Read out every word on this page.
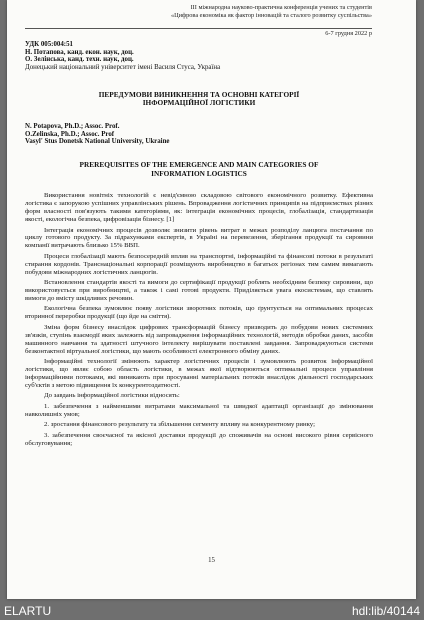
ІІІ міжнародна науково-практична конференція учених та студентів
«Цифрова економіка як фактор інновацій та сталого розвитку суспільства»
6-7 грудня 2022 р
УДК 005:004:51
Н. Потапова, канд. екон. наук, доц.
О. Зелінська, канд. техн. наук, доц.
Донецький національний університет імені Василя Стуса, Україна
ПЕРЕДУМОВИ ВИНИКНЕННЯ ТА ОСНОВНІ КАТЕГОРІЇ
ІНФОРМАЦІЙНОЇ ЛОГІСТИКИ
N. Potapova, Ph.D.; Assoc. Prof.
O.Zelinska, Ph.D.; Assoc. Prof
Vasyl' Stus Donetsk National University, Ukraine
PREREQUISITES OF THE EMERGENCE AND MAIN CATEGORIES OF
INFORMATION LOGISTICS
Використання новітніх технологій є невід'ємною складовою світового економічного розвитку. Ефективна логістика є запорукою успішних управлінських рішень. Впровадження логістичних принципів на підприємствах різних форм власності пов'язують такими категоріями, як: інтеграція економічних процесів, глобалізація, стандартизація якості, екологічна безпека, цифровізація бізнесу. [1]
Інтеграція економічних процесів дозволяє знизити рівень витрат в межах розподілу ланцюга постачання по циклу готового продукту. За підрахунками експертів, в Україні на перевезення, зберігання продукції та сировини компанії витрачають близько 15% ВВП.
Процеси глобалізації мають безпосередній вплив на транспортні, інформаційні та фінансові потоки в результаті стирання кордонів. Транснаціональні корпорації розміщують виробництво в багатьох регіонах тим самим вимагають побудови міжнародних логістичних ланцюгів.
Встановлення стандартів якості та вимоги до сертифікації продукції роблять необхідним безпеку сировини, що використовується при виробництві, а також і самі готові продукти. Приділяється увага екосистемам, що ставлять вимоги до вмісту шкідливих речовин.
Екологічна безпека зумовлює появу логістики зворотних потоків, що ґрунтується на оптимальних процесах вторинної переробки продукції (що йде на сміття).
Зміна форм бізнесу внаслідок цифрових трансформацій бізнесу призводить до побудови нових системних зв'язків, ступінь взаємодії яких залежить від запровадження інформаційних технологій, методів обробки даних, засобів машинного навчання та здатності штучного інтелекту вирішувати поставлені завдання. Запроваджуються системи безконтактної віртуальної логістики, що мають особливості електронного обміну даних.
Інформаційні технології змінюють характер логістичних процесів і зумовлюють розвиток інформаційної логістики, що являє собою область логістики, в межах якої відтворюються оптимальні процеси управління інформаційними потоками, які виникають при просуванні матеріальних потоків внаслідок діяльності господарських суб'єктів з метою підвищення їх конкурентоздатності.
До завдань інформаційної логістики відносять:
1. забезпечення з найменшими витратами максимальної та швидкої адаптації організації до змінювання навколишніх умов;
2. зростання фінансового результату та збільшення сегменту впливу на конкурентному ринку;
3. забезпечення своєчасної та якісної доставки продукції до споживачів на основі високого рівня сервісного обслуговування;
15
ELARTU	hdl:lib/40144
